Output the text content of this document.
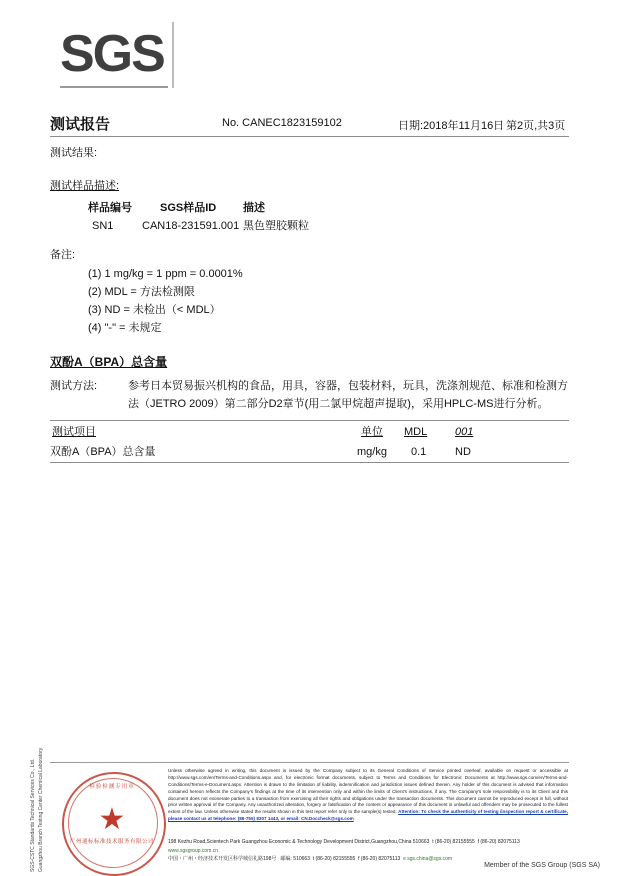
SGS
测试报告	No. CANEC1823159102	日期:2018年11月16日 第2页,共3页
测试结果:
测试样品描述:
样品编号	SGS样品ID 描述
SN1	CAN18-231591.001 黑色塑胶颗粒
备注:
(1) 1 mg/kg = 1 ppm = 0.0001%
(2) MDL = 方法检测限
(3) ND = 未检出（< MDL）
(4) "-" = 未规定
双酚A（BPA）总含量
测试方法:	参考日本贸易振兴机构的食品，用具，容器，包装材料，玩具，洗涤剂规范、标准和检测方
法（JETRO 2009）第二部分D2章节(用二氯甲烷超声提取)，采用HPLC-MS进行分析。
测试项目	单位 MDL	001
双酚A（BPA）总含量	mg/kg 0.1	ND
检验检测专用章
★
广州通标标准技术服务有限公司
SGS-CSTC Standards Technical Services Co., Ltd. Guangzhou Branch Testing Center Chemical Laboratory	Unless otherwise agreed in writing, this document is issued by the Company subject to its General Conditions of Service printed overleaf, available on request or accessible at http://www.sgs.com/en/Terms-and-Conditions.aspx and, for electronic format documents, subject to Terms and Conditions for Electronic Documents at http://www.sgs.com/en/Terms-and-Conditions/Terms-e-Document.aspx. Attention is drawn to the limitation of liability, indemnification and jurisdiction issues defined therein. Any holder of this document is advised that information contained hereon reflects the Company's findings at the time of its intervention only and within the limits of Client's instructions, if any. The Company's sole responsibility is to its Client and this document does not exonerate parties to a transaction from exercising all their rights and obligations under the transaction documents. This document cannot be reproduced except in full, without prior written approval of the Company. Any unauthorized alteration, forgery or falsification of the content or appearance of this document is unlawful and offenders may be prosecuted to the fullest extent of the law. Unless otherwise stated the results shown in this test report refer only to the sample(s) tested. Attention: To check the authenticity of testing /inspection report & certificate, please contact us at telephone: (86-755) 8307 1443, or email: CN.Doccheck@sgs.com
198 Kezhu Road,Scientech Park Guangzhou Economic & Technology Development District,Guangzhou,China 510663 t (86-20) 82155555 f (86-20) 82075113  www.sgsgroup.com.cn
中国・广州・经济技术开发区科学城信礼路198号 邮编: 510663 t (86-20) 82155555 f (86-20) 82075113 e sgs.china@sgs.com
Member of the SGS Group (SGS SA)
